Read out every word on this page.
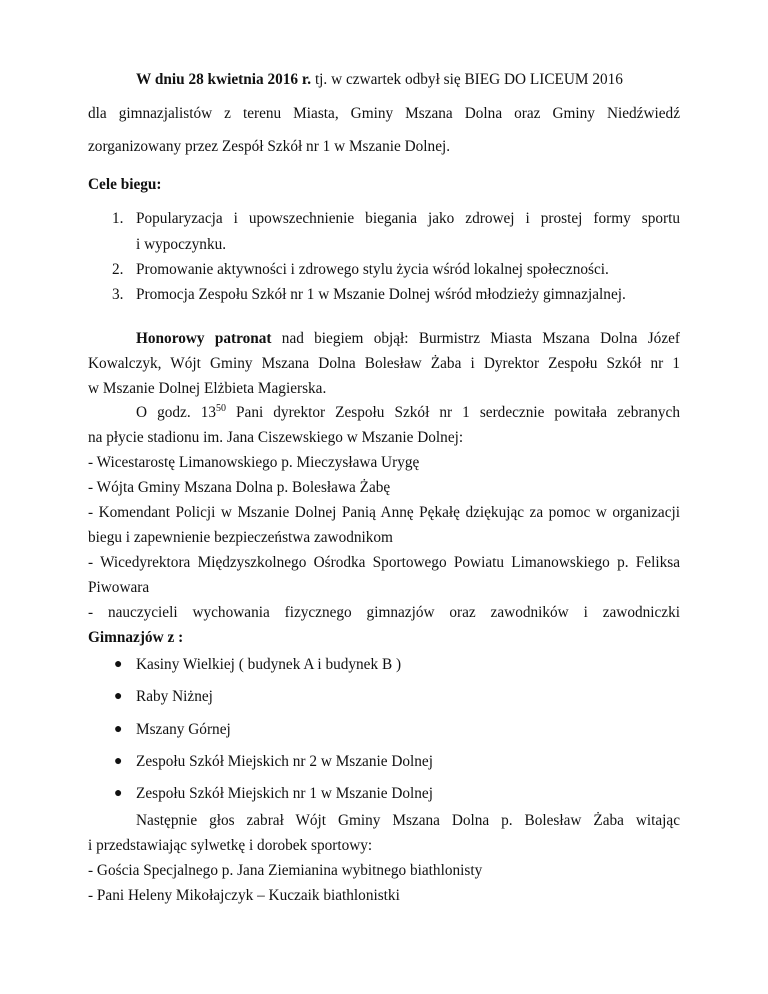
W dniu 28 kwietnia 2016 r. tj. w czwartek odbył się BIEG DO LICEUM 2016
dla gimnazjalistów z terenu Miasta, Gminy Mszana Dolna oraz Gminy Niedźwiedź
zorganizowany przez Zespół Szkół nr 1 w Mszanie Dolnej.
Cele biegu:
1. Popularyzacja i upowszechnienie biegania jako zdrowej i prostej formy sportu
i wypoczynku.
2. Promowanie aktywności i zdrowego stylu życia wśród lokalnej społeczności.
3. Promocja Zespołu Szkół nr 1 w Mszanie Dolnej wśród młodzieży gimnazjalnej.
Honorowy patronat nad biegiem objął: Burmistrz Miasta Mszana Dolna Józef
Kowalczyk, Wójt Gminy Mszana Dolna Bolesław Żaba i Dyrektor Zespołu Szkół nr 1
w Mszanie Dolnej Elżbieta Magierska.
O godz. $13^{50}$ Pani dyrektor Zespołu Szkół nr 1 serdecznie powitała zebranych
na płycie stadionu im. Jana Ciszewskiego w Mszanie Dolnej:
- Wicestarostę Limanowskiego p. Mieczysława Urygę
- Wójta Gminy Mszana Dolna p. Bolesława Żabę
- Komendant Policji w Mszanie Dolnej Panią Annę Pękałę dziękując za pomoc w organizacji
biegu i zapewnienie bezpieczeństwa zawodnikom
- Wicedyrektora Międzyszkolnego Ośrodka Sportowego Powiatu Limanowskiego p. Feliksa
Piwowara
- nauczycieli wychowania fizycznego gimnazjów oraz zawodników i zawodniczki
Gimnazjów z :
● Kasiny Wielkiej ( budynek A i budynek B )
● Raby Niżnej
● Mszany Górnej
● Zespołu Szkół Miejskich nr 2 w Mszanie Dolnej
● Zespołu Szkół Miejskich nr 1 w Mszanie Dolnej
Następnie głos zabrał Wójt Gminy Mszana Dolna p. Bolesław Żaba witając
i przedstawiając sylwetkę i dorobek sportowy:
- Gościa Specjalnego p. Jana Ziemianina wybitnego biathlonisty
- Pani Heleny Mikołajczyk – Kuczaik biathlonistki
